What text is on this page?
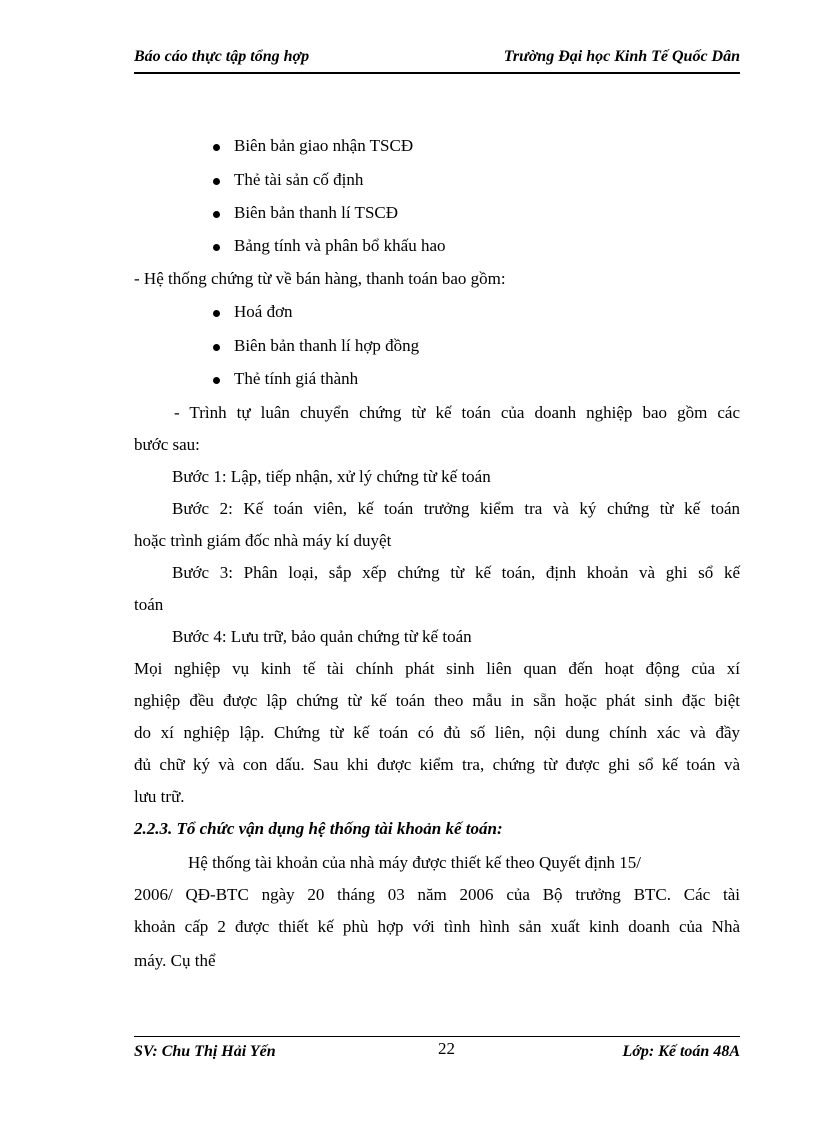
Báo cáo thực tập tổng hợp	Trường Đại học Kinh Tế Quốc Dân
Biên bản giao nhận TSCĐ
Thẻ tài sản cố định
Biên bản thanh lí TSCĐ
Bảng tính và phân bổ khấu hao
- Hệ thống chứng từ về bán hàng, thanh toán bao gồm:
Hoá đơn
Biên bản thanh lí hợp đồng
Thẻ tính giá thành
- Trình tự luân chuyển chứng từ kế toán của doanh nghiệp bao gồm các
bước sau:
Bước 1: Lập, tiếp nhận, xử lý chứng từ kế toán
Bước 2: Kế toán viên, kế toán trưởng kiểm tra và ký chứng từ kế toán
hoặc trình giám đốc nhà máy kí duyệt
Bước 3: Phân loại, sắp xếp chứng từ kế toán, định khoản và ghi sổ kế
toán
Bước 4: Lưu trữ, bảo quản chứng từ kế toán
Mọi nghiệp vụ kinh tế tài chính phát sinh liên quan đến hoạt động của xí
nghiệp đều được lập chứng từ kế toán theo mẫu in sẵn hoặc phát sinh đặc biệt
do xí nghiệp lập. Chứng từ kế toán có đủ số liên, nội dung chính xác và đầy
đủ chữ ký và con dấu. Sau khi được kiểm tra, chứng từ được ghi sổ kế toán và
lưu trữ.
2.2.3. Tổ chức vận dụng hệ thống tài khoản kế toán:
Hệ thống tài khoản của nhà máy được thiết kế theo Quyết định 15/
2006/ QĐ-BTC ngày 20 tháng 03 năm 2006 của Bộ trưởng BTC. Các tài
khoản cấp 2 được thiết kế phù hợp với tình hình sản xuất kinh doanh của Nhà
máy. Cụ thể
SV: Chu Thị Hải Yến	22	Lớp: Kế toán 48A
